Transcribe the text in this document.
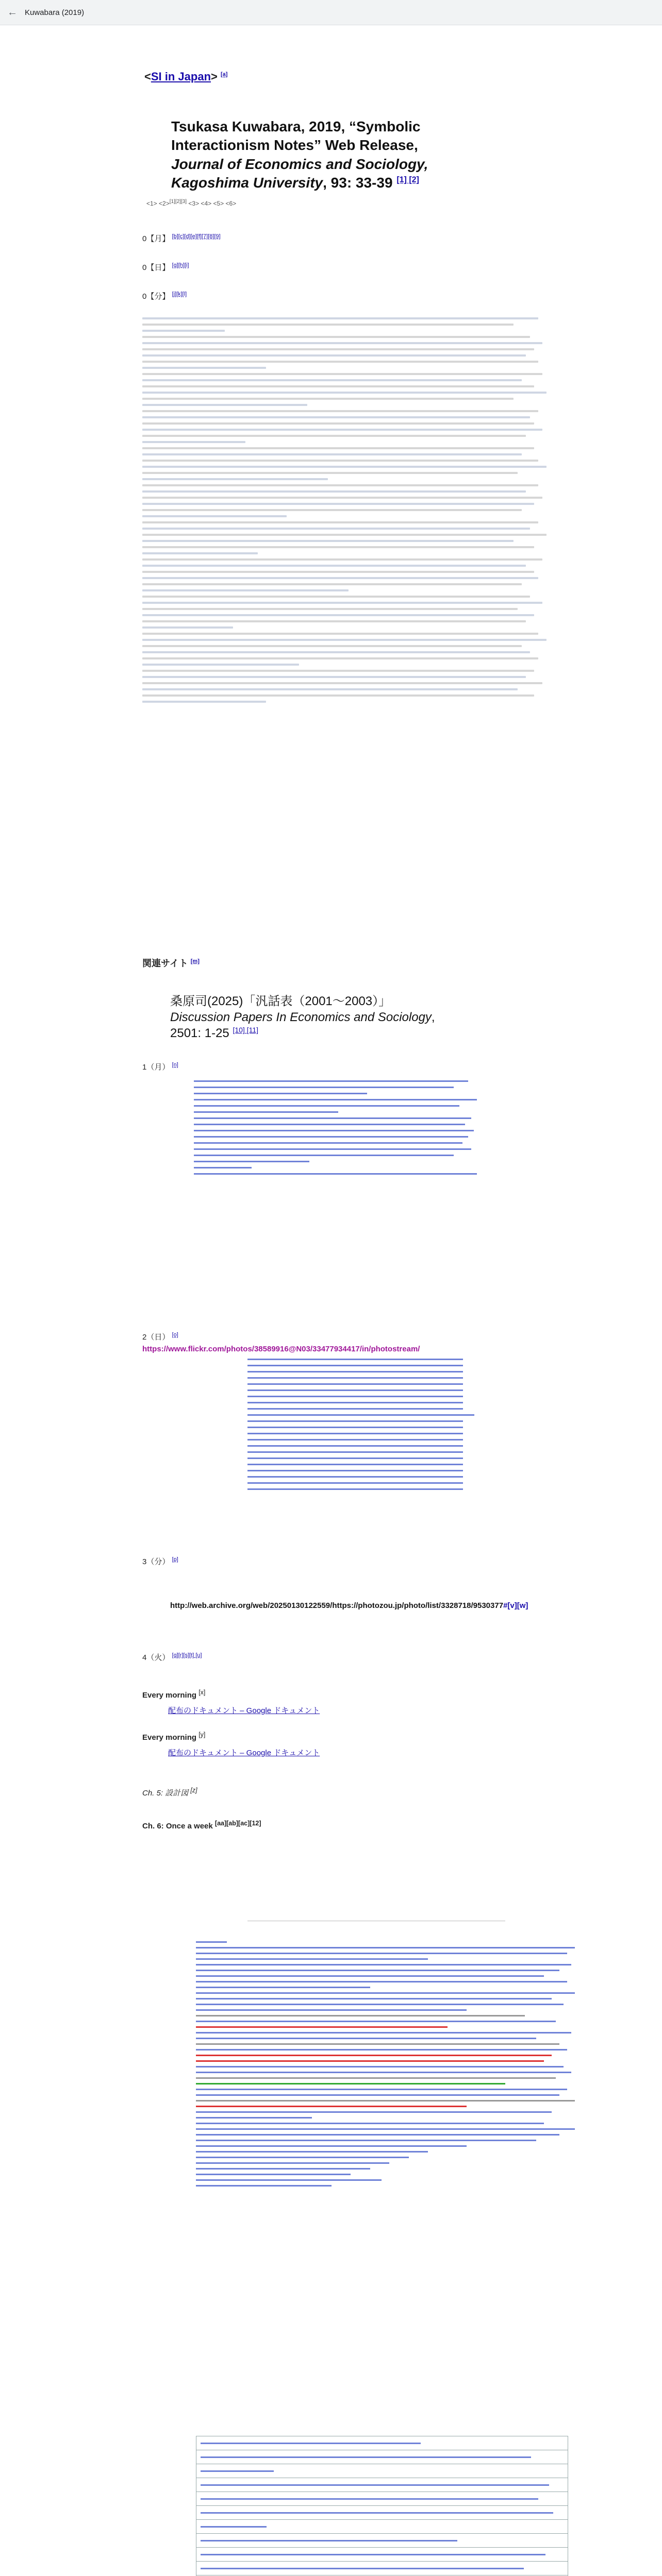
← Kuwabara (2019)
<SI in Japan> [a]
Tsukasa Kuwabara, 2019, “Symbolic Interactionism Notes” Web Release, Journal of Economics and Sociology, Kagoshima University, 93: 33-39 [1] [2]
<1> <2>[1][2][3] <3> <4> <5> <6>
0【月】 [b][c][d][e][f][7][8][9]
0【日】 [g][h][i]
0【分】 [j][k][l]
関連サイト [m]
桑原司(2025)「汎話表（2001〜2003）」Discussion Papers In Economics and Sociology, 2501: 1-25 [10] [11]
1（月） [n]
2（日） [o]
https://www.flickr.com/photos/38589916@N03/33477934417/in/photostream/
3（分） [p]
http://web.archive.org/web/20250130122559/https://photozou.jp/photo/list/3328718/9530377#[v][w]
4（火） [q][r][s][t] [u]
Every morning [x]
配布のドキュメント – Google ドキュメント
Every morning [y]
配布のドキュメント – Google ドキュメント
Ch. 5: 設計図 [z]
Ch. 6: Once a week [aa][ab][ac][12]
